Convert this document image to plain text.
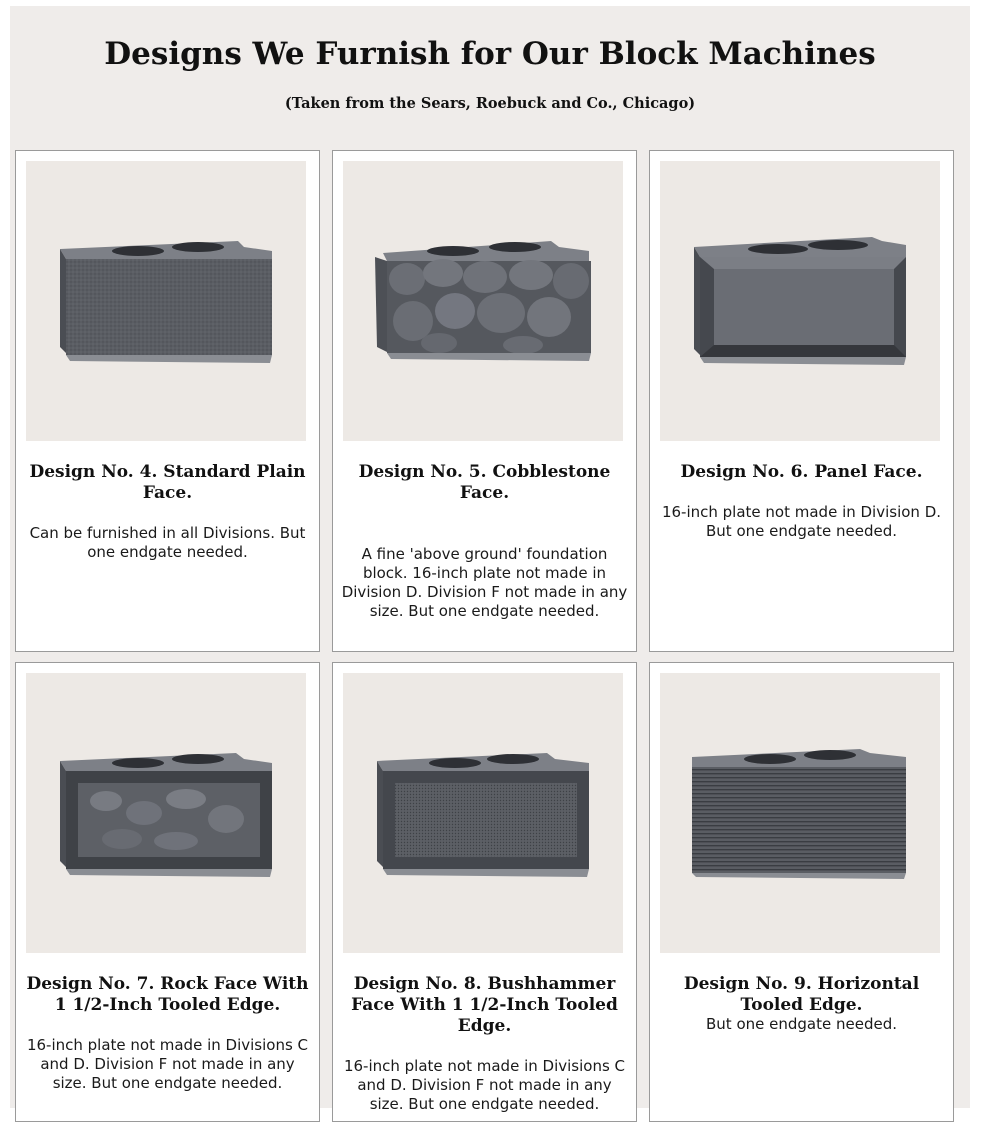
Designs We Furnish for Our Block Machines

(Taken from the Sears, Roebuck and Co., Chicago)

Design No. 4. Standard Plain Face.

Can be furnished in all Divisions. But one endgate needed.

Design No. 5. Cobblestone Face.

A fine 'above ground' foundation block. 16-inch plate not made in Division D. Division F not made in any size. But one endgate needed.

Design No. 6. Panel Face.

16-inch plate not made in Division D. But one endgate needed.

Design No. 7. Rock Face With 1 1/2-Inch Tooled Edge.

16-inch plate not made in Divisions C and D. Division F not made in any size. But one endgate needed.

Design No. 8. Bushhammer Face With 1 1/2-Inch Tooled Edge.

16-inch plate not made in Divisions C and D. Division F not made in any size. But one endgate needed.

Design No. 9. Horizontal Tooled Edge.

But one endgate needed.
